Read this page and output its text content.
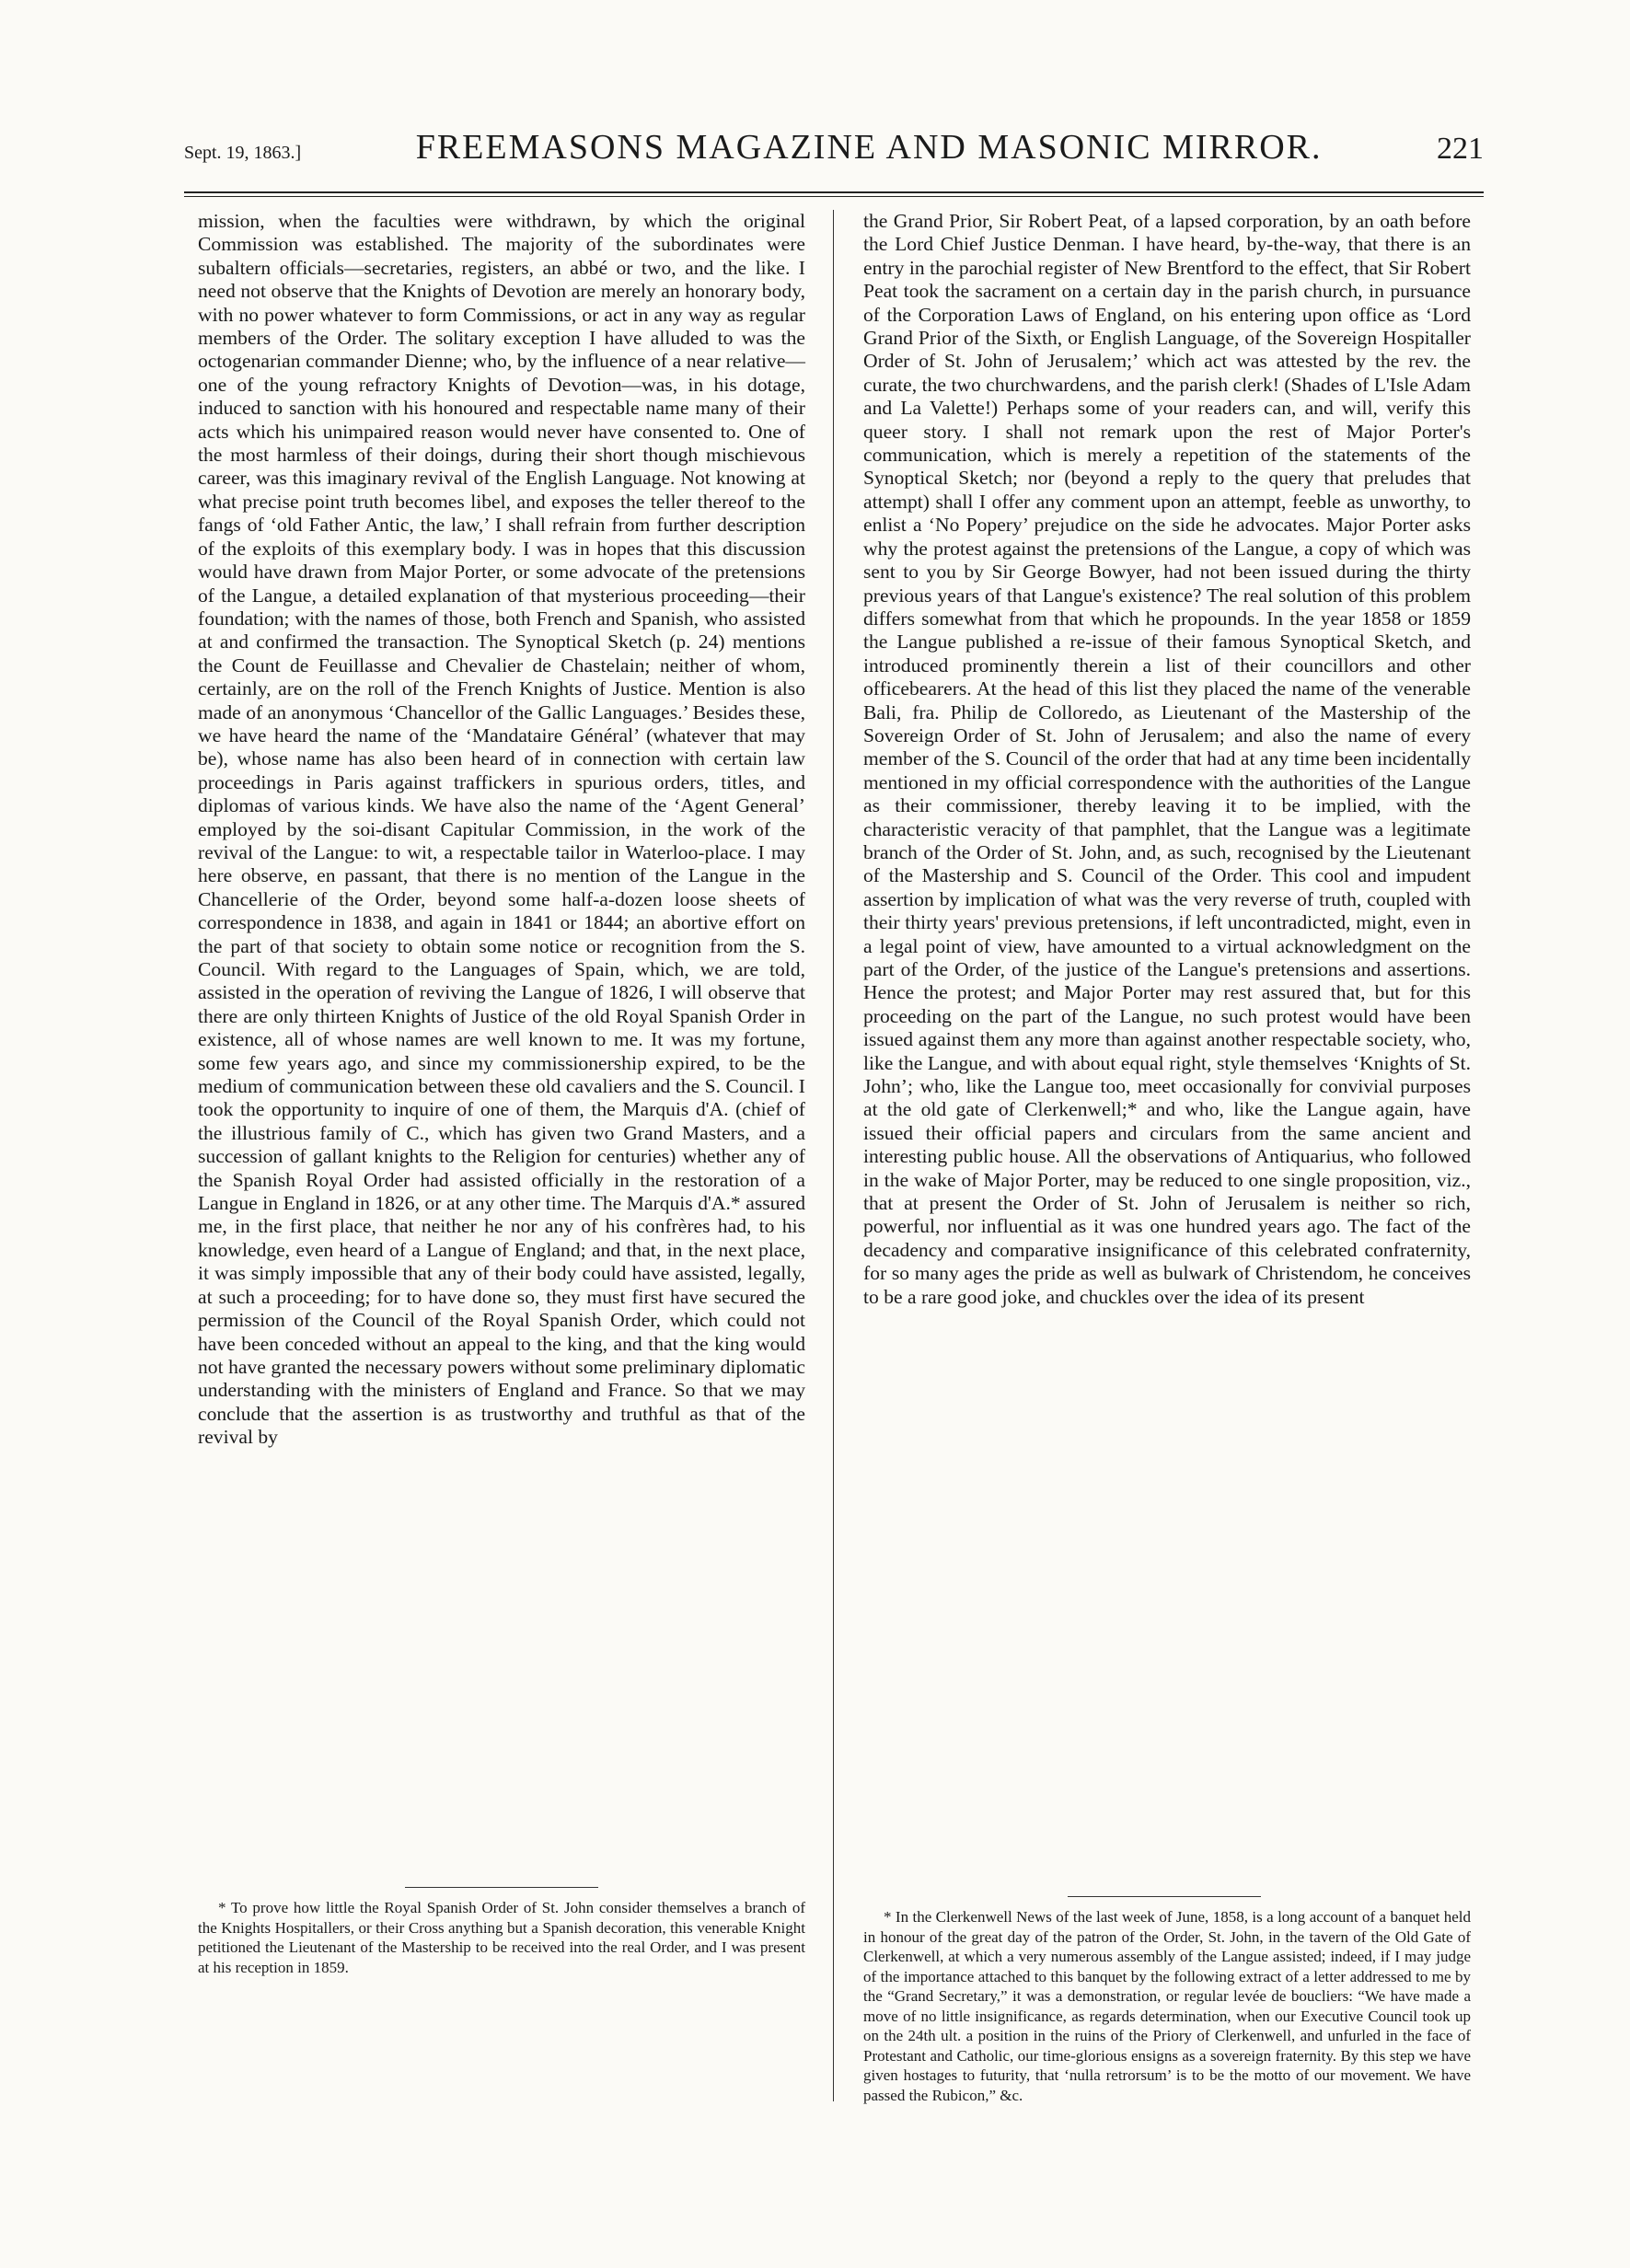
Sept. 19, 1863.]	FREEMASONS MAGAZINE AND MASONIC MIRROR.	221

mission, when the faculties were withdrawn, by which the original Commission was established. The majority of the subordinates were subaltern officials—secretaries, registers, an abbé or two, and the like. I need not observe that the Knights of Devotion are merely an honorary body, with no power whatever to form Commissions, or act in any way as regular members of the Order. The solitary exception I have alluded to was the octogenarian commander Dienne; who, by the influence of a near relative—one of the young refractory Knights of Devotion—was, in his dotage, induced to sanction with his honoured and respectable name many of their acts which his unimpaired reason would never have consented to. One of the most harmless of their doings, during their short though mischievous career, was this imaginary revival of the English Language. Not knowing at what precise point truth becomes libel, and exposes the teller thereof to the fangs of ‘old Father Antic, the law,’ I shall refrain from further description of the exploits of this exemplary body. I was in hopes that this discussion would have drawn from Major Porter, or some advocate of the pretensions of the Langue, a detailed explanation of that mysterious proceeding—their foundation; with the names of those, both French and Spanish, who assisted at and confirmed the transaction. The Synoptical Sketch (p. 24) mentions the Count de Feuillasse and Chevalier de Chastelain; neither of whom, certainly, are on the roll of the French Knights of Justice. Mention is also made of an anonymous ‘Chancellor of the Gallic Languages.’ Besides these, we have heard the name of the ‘Mandataire Général’ (whatever that may be), whose name has also been heard of in connection with certain law proceedings in Paris against traffickers in spurious orders, titles, and diplomas of various kinds. We have also the name of the ‘Agent General’ employed by the soi-disant Capitular Commission, in the work of the revival of the Langue: to wit, a respectable tailor in Waterloo-place. I may here observe, en passant, that there is no mention of the Langue in the Chancellerie of the Order, beyond some half-a-dozen loose sheets of correspondence in 1838, and again in 1841 or 1844; an abortive effort on the part of that society to obtain some notice or recognition from the S. Council. With regard to the Languages of Spain, which, we are told, assisted in the operation of reviving the Langue of 1826, I will observe that there are only thirteen Knights of Justice of the old Royal Spanish Order in existence, all of whose names are well known to me. It was my fortune, some few years ago, and since my commissionership expired, to be the medium of communication between these old cavaliers and the S. Council. I took the opportunity to inquire of one of them, the Marquis d'A. (chief of the illustrious family of C., which has given two Grand Masters, and a succession of gallant knights to the Religion for centuries) whether any of the Spanish Royal Order had assisted officially in the restoration of a Langue in England in 1826, or at any other time. The Marquis d'A.* assured me, in the first place, that neither he nor any of his confrères had, to his knowledge, even heard of a Langue of England; and that, in the next place, it was simply impossible that any of their body could have assisted, legally, at such a proceeding; for to have done so, they must first have secured the permission of the Council of the Royal Spanish Order, which could not have been conceded without an appeal to the king, and that the king would not have granted the necessary powers without some preliminary diplomatic understanding with the ministers of England and France. So that we may conclude that the assertion is as trustworthy and truthful as that of the revival by

the Grand Prior, Sir Robert Peat, of a lapsed corporation, by an oath before the Lord Chief Justice Denman. I have heard, by-the-way, that there is an entry in the parochial register of New Brentford to the effect, that Sir Robert Peat took the sacrament on a certain day in the parish church, in pursuance of the Corporation Laws of England, on his entering upon office as ‘Lord Grand Prior of the Sixth, or English Language, of the Sovereign Hospitaller Order of St. John of Jerusalem;’ which act was attested by the rev. the curate, the two churchwardens, and the parish clerk! (Shades of L'Isle Adam and La Valette!) Perhaps some of your readers can, and will, verify this queer story. I shall not remark upon the rest of Major Porter's communication, which is merely a repetition of the statements of the Synoptical Sketch; nor (beyond a reply to the query that preludes that attempt) shall I offer any comment upon an attempt, feeble as unworthy, to enlist a ‘No Popery’ prejudice on the side he advocates. Major Porter asks why the protest against the pretensions of the Langue, a copy of which was sent to you by Sir George Bowyer, had not been issued during the thirty previous years of that Langue's existence? The real solution of this problem differs somewhat from that which he propounds. In the year 1858 or 1859 the Langue published a re-issue of their famous Synoptical Sketch, and introduced prominently therein a list of their councillors and other officebearers. At the head of this list they placed the name of the venerable Bali, fra. Philip de Colloredo, as Lieutenant of the Mastership of the Sovereign Order of St. John of Jerusalem; and also the name of every member of the S. Council of the order that had at any time been incidentally mentioned in my official correspondence with the authorities of the Langue as their commissioner, thereby leaving it to be implied, with the characteristic veracity of that pamphlet, that the Langue was a legitimate branch of the Order of St. John, and, as such, recognised by the Lieutenant of the Mastership and S. Council of the Order. This cool and impudent assertion by implication of what was the very reverse of truth, coupled with their thirty years' previous pretensions, if left uncontradicted, might, even in a legal point of view, have amounted to a virtual acknowledgment on the part of the Order, of the justice of the Langue's pretensions and assertions. Hence the protest; and Major Porter may rest assured that, but for this proceeding on the part of the Langue, no such protest would have been issued against them any more than against another respectable society, who, like the Langue, and with about equal right, style themselves ‘Knights of St. John’; who, like the Langue too, meet occasionally for convivial purposes at the old gate of Clerkenwell;* and who, like the Langue again, have issued their official papers and circulars from the same ancient and interesting public house. All the observations of Antiquarius, who followed in the wake of Major Porter, may be reduced to one single proposition, viz., that at present the Order of St. John of Jerusalem is neither so rich, powerful, nor influential as it was one hundred years ago. The fact of the decadency and comparative insignificance of this celebrated confraternity, for so many ages the pride as well as bulwark of Christendom, he conceives to be a rare good joke, and chuckles over the idea of its present

* To prove how little the Royal Spanish Order of St. John consider themselves a branch of the Knights Hospitallers, or their Cross anything but a Spanish decoration, this venerable Knight petitioned the Lieutenant of the Mastership to be received into the real Order, and I was present at his reception in 1859.

* In the Clerkenwell News of the last week of June, 1858, is a long account of a banquet held in honour of the great day of the patron of the Order, St. John, in the tavern of the Old Gate of Clerkenwell, at which a very numerous assembly of the Langue assisted; indeed, if I may judge of the importance attached to this banquet by the following extract of a letter addressed to me by the “Grand Secretary,” it was a demonstration, or regular levée de boucliers: “We have made a move of no little insignificance, as regards determination, when our Executive Council took up on the 24th ult. a position in the ruins of the Priory of Clerkenwell, and unfurled in the face of Protestant and Catholic, our time-glorious ensigns as a sovereign fraternity. By this step we have given hostages to futurity, that ‘nulla retrorsum’ is to be the motto of our movement. We have passed the Rubicon,” &c.
